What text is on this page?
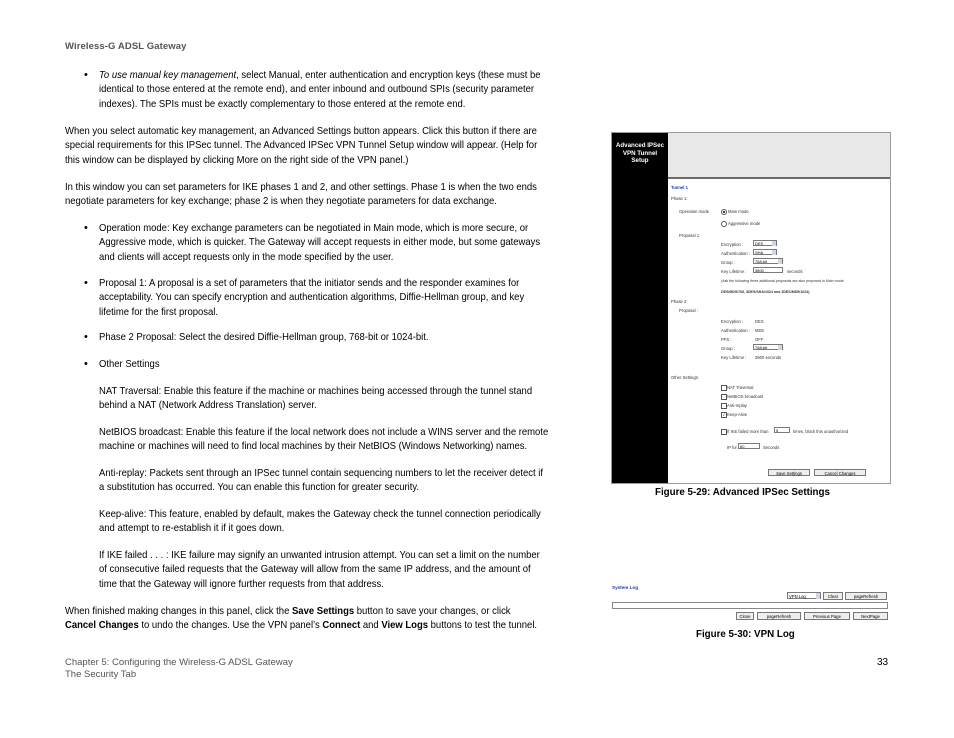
Wireless-G ADSL Gateway
• To use manual key management, select Manual, enter authentication and encryption keys (these must be
identical to those entered at the remote end), and enter inbound and outbound SPIs (security parameter
indexes). The SPIs must be exactly complementary to those entered at the remote end.
When you select automatic key management, an Advanced Settings button appears. Click this button if there are
special requirements for this IPSec tunnel. The Advanced IPSec VPN Tunnel Setup window will appear. (Help for
this window can be displayed by clicking More on the right side of the VPN panel.)
In this window you can set parameters for IKE phases 1 and 2, and other settings. Phase 1 is when the two ends
negotiate parameters for key exchange; phase 2 is when they negotiate parameters for data exchange.
• Operation mode: Key exchange parameters can be negotiated in Main mode, which is more secure, or
Aggressive mode, which is quicker. The Gateway will accept requests in either mode, but some gateways
and clients will accept requests only in the mode specified by the user.
• Proposal 1: A proposal is a set of parameters that the initiator sends and the responder examines for
acceptability. You can specify encryption and authentication algorithms, Diffie-Hellman group, and key
lifetime for the first proposal.
• Phase 2 Proposal: Select the desired Diffie-Hellman group, 768-bit or 1024-bit.
• Other Settings
NAT Traversal: Enable this feature if the machine or machines being accessed through the tunnel stand
behind a NAT (Network Address Translation) server.
NetBIOS broadcast: Enable this feature if the local network does not include a WINS server and the remote
machine or machines will need to find local machines by their NetBIOS (Windows Networking) names.
Anti-replay: Packets sent through an IPSec tunnel contain sequencing numbers to let the receiver detect if
a substitution has occurred. You can enable this function for greater security.
Keep-alive: This feature, enabled by default, makes the Gateway check the tunnel connection periodically
and attempt to re-establish it if it goes down.
If IKE failed . . . : IKE failure may signify an unwanted intrusion attempt. You can set a limit on the number
of consecutive failed requests that the Gateway will allow from the same IP address, and the amount of
time that the Gateway will ignore further requests from that address.
When finished making changes in this panel, click the Save Settings button to save your changes, or click
Cancel Changes to undo the changes. Use the VPN panel’s Connect and View Logs buttons to test the tunnel.
Advanced IPSec
VPN Tunnel
Setup
Tunnel 1
Phase 1:
Operation mode	Main mode
Aggressive mode
Proposal 1:
Encryption :	DES
Authentication :	SHA
Group :	768-bit
Key Lifetime :	3600	seconds
(Ask the following three additional proposals are also proposed in Main mode.
DES/MD5/768, 3DES/SHA/1024 and 3DES/MD5/1024)
Phase 2:
Proposal :
Encryption :	DES
Authentication : MD5
PFS :	OFF
Group :	768-bit
Key Lifetime : 3600 seconds
Other Settings:
NAT Traversal
NetBIOS broadcast
Anti-replay
✓ Keep-Alive
If IKE failed more than	5	times, block this unauthorized
IP for 60	Seconds
Save Settings	Cancel Changes
Figure 5-29: Advanced IPSec Settings
System Log
VPN Log	Clear	pageRefresh
Close	pageRefresh	Previous Page	NextPage
Figure 5-30: VPN Log
Chapter 5: Configuring the Wireless-G ADSL Gateway
The Security Tab
33
